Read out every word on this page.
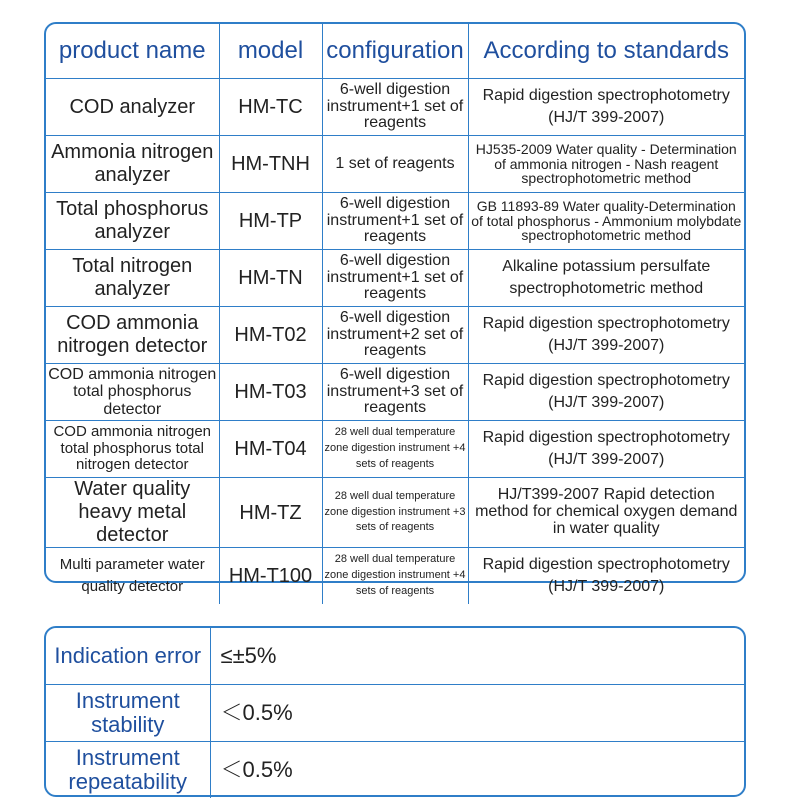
product name	model	configuration	According to standards
COD analyzer	HM-TC	6-well digestion instrument+1 set of reagents	Rapid digestion spectrophotometry (HJ/T 399-2007)
Ammonia nitrogen analyzer	HM-TNH	1 set of reagents	HJ535-2009 Water quality - Determination of ammonia nitrogen - Nash reagent spectrophotometric method
Total phosphorus analyzer	HM-TP	6-well digestion instrument+1 set of reagents	GB 11893-89 Water quality-Determination of total phosphorus - Ammonium molybdate spectrophotometric method
Total nitrogen analyzer	HM-TN	6-well digestion instrument+1 set of reagents	Alkaline potassium persulfate spectrophotometric method
COD ammonia nitrogen detector	HM-T02	6-well digestion instrument+2 set of reagents	Rapid digestion spectrophotometry (HJ/T 399-2007)
COD ammonia nitrogen total phosphorus detector	HM-T03	6-well digestion instrument+3 set of reagents	Rapid digestion spectrophotometry (HJ/T 399-2007)
COD ammonia nitrogen total phosphorus total nitrogen detector	HM-T04	28 well dual temperature zone digestion instrument +4 sets of reagents	Rapid digestion spectrophotometry (HJ/T 399-2007)
Water quality heavy metal detector	HM-TZ	28 well dual temperature zone digestion instrument +3 sets of reagents	HJ/T399-2007 Rapid detection method for chemical oxygen demand in water quality
Multi parameter water quality detector	HM-T100	28 well dual temperature zone digestion instrument +4 sets of reagents	Rapid digestion spectrophotometry (HJ/T 399-2007)
Indication error	≤±5%
Instrument stability	＜0.5%
Instrument repeatability	＜0.5%
